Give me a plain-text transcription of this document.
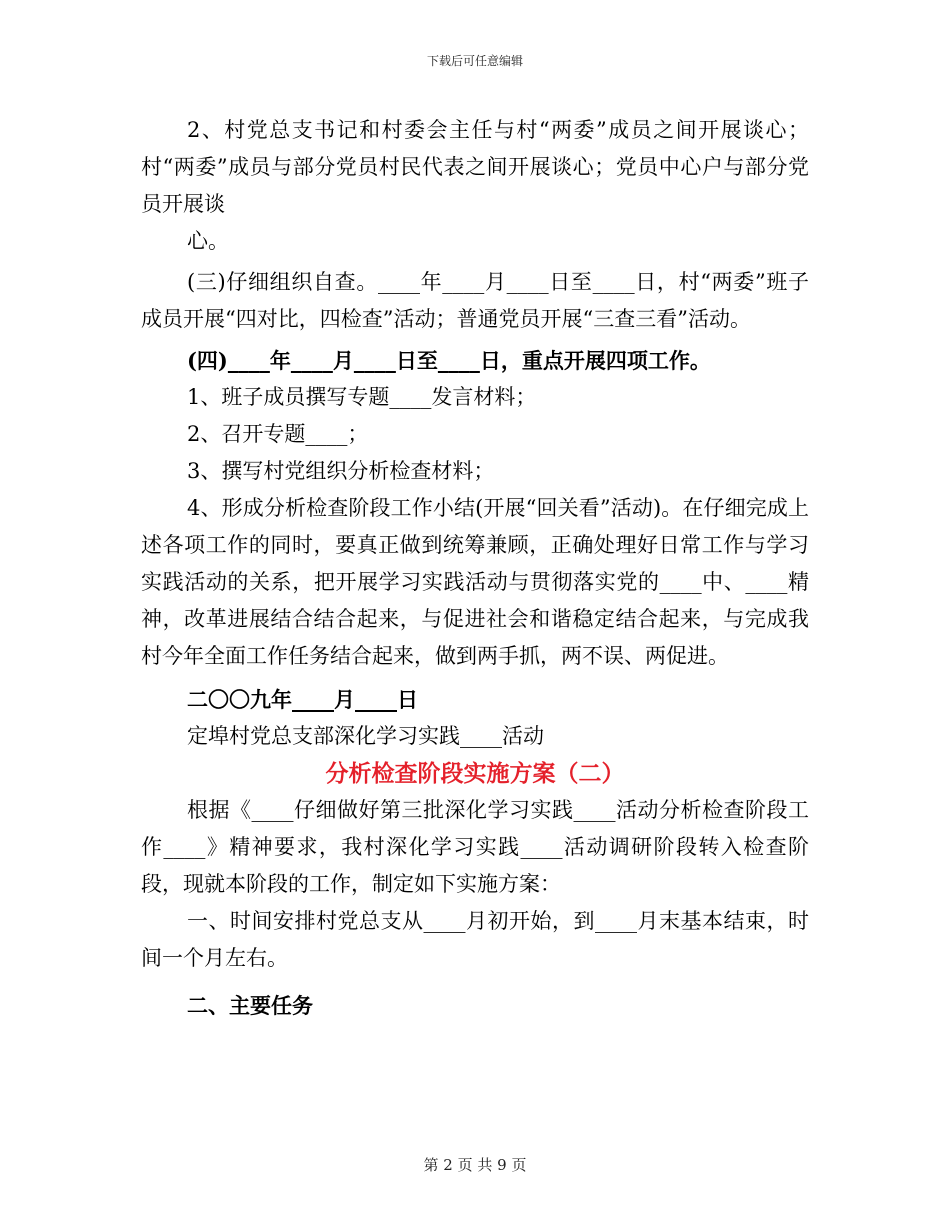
下载后可任意编辑

2、村党总支书记和村委会主任与村“两委”成员之间开展谈心；村“两委”成员与部分党员村民代表之间开展谈心；党员中心户与部分党员开展谈

心。

(三)仔细组织自查。____年____月____日至____日，村“两委”班子成员开展“四对比，四检查”活动；普通党员开展“三查三看”活动。

(四)____年____月____日至____日，重点开展四项工作。

1、班子成员撰写专题____发言材料；

2、召开专题____；

3、撰写村党组织分析检查材料；

4、形成分析检查阶段工作小结(开展“回关看”活动)。在仔细完成上述各项工作的同时，要真正做到统筹兼顾，正确处理好日常工作与学习实践活动的关系，把开展学习实践活动与贯彻落实党的____中、____精神，改革进展结合结合起来，与促进社会和谐稳定结合起来，与完成我村今年全面工作任务结合起来，做到两手抓，两不误、两促进。

二〇〇九年____月____日

定埠村党总支部深化学习实践____活动

分析检查阶段实施方案（二）

根据《____仔细做好第三批深化学习实践____活动分析检查阶段工作____》精神要求，我村深化学习实践____活动调研阶段转入检查阶段，现就本阶段的工作，制定如下实施方案：

一、时间安排村党总支从____月初开始，到____月末基本结束，时间一个月左右。

二、主要任务

第 2 页 共 9 页
